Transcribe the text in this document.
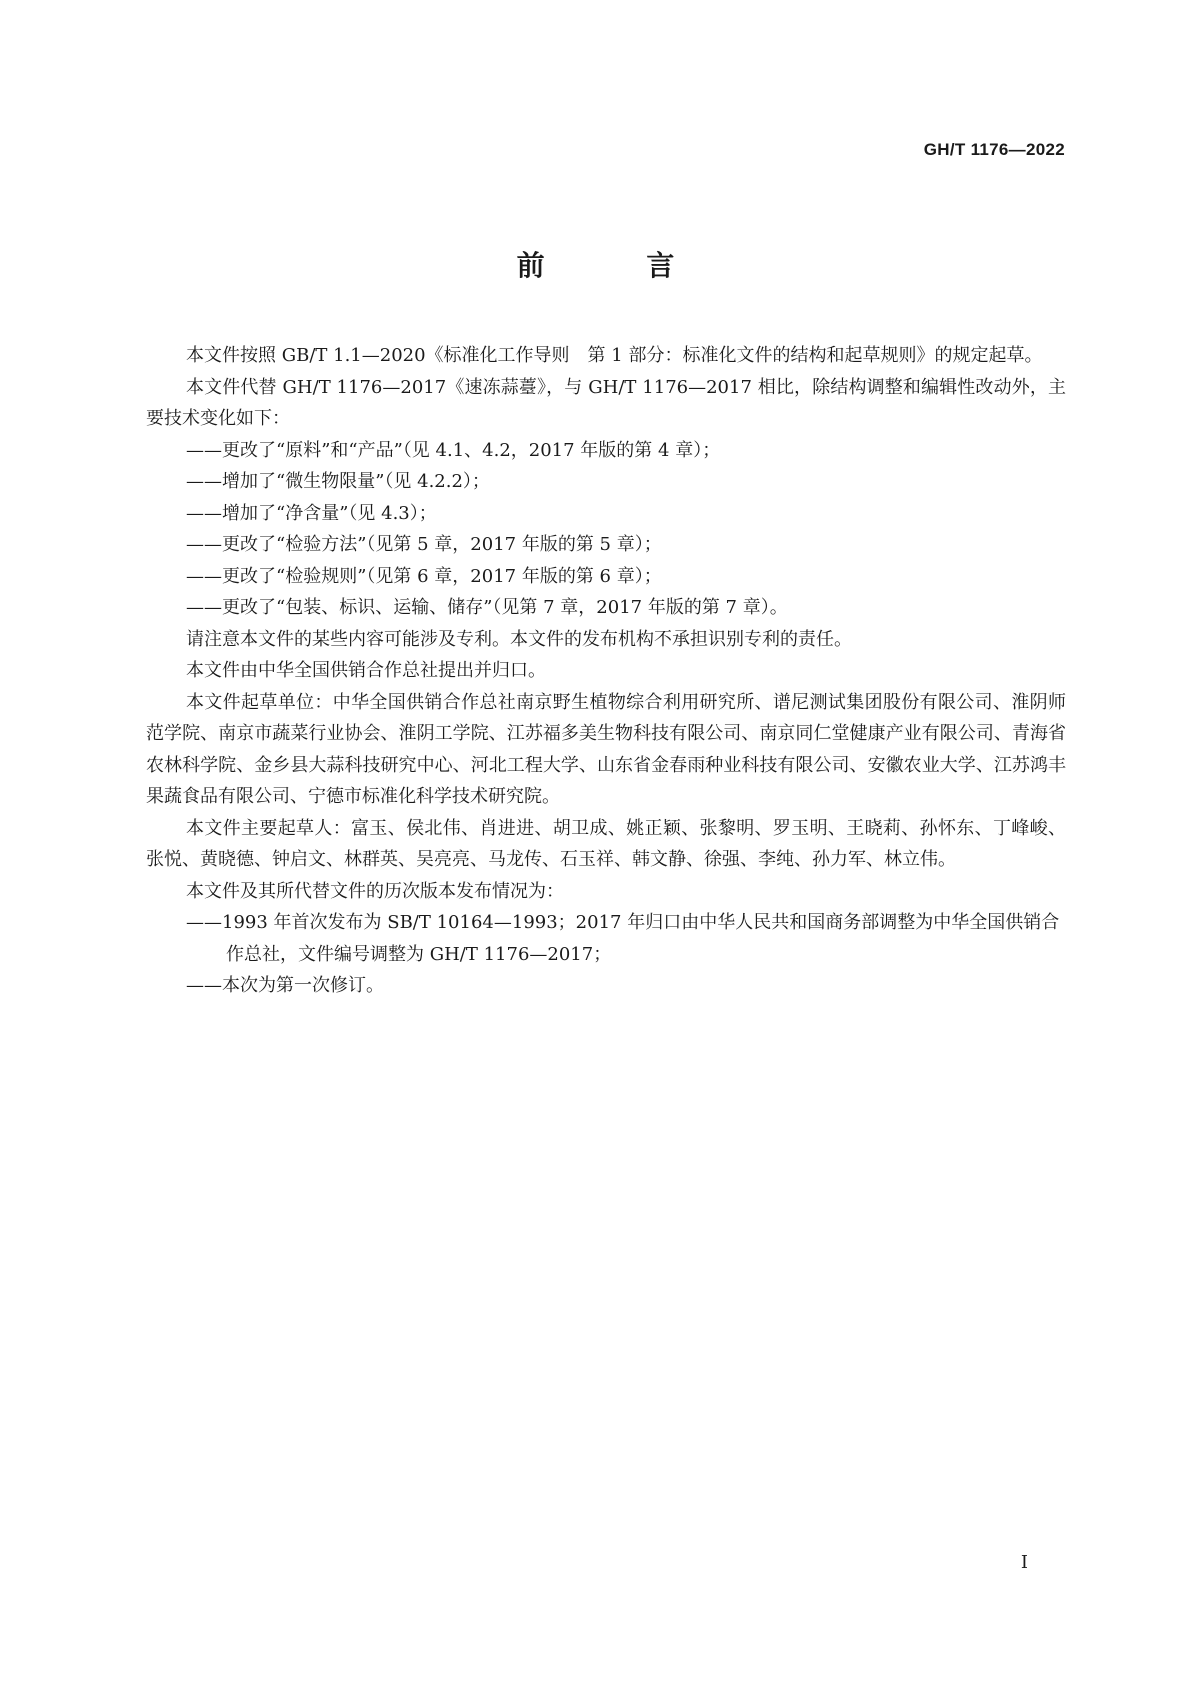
GH/T 1176—2022
前 言

本文件按照 GB/T 1.1—2020《标准化工作导则　第 1 部分：标准化文件的结构和起草规则》的规定起草。

本文件代替 GH/T 1176—2017《速冻蒜薹》，与 GH/T 1176—2017 相比，除结构调整和编辑性改动外，主要技术变化如下：

——更改了“原料”和“产品”（见 4.1、4.2，2017 年版的第 4 章）；

——增加了“微生物限量”（见 4.2.2）；

——增加了“净含量”（见 4.3）；

——更改了“检验方法”（见第 5 章，2017 年版的第 5 章）；

——更改了“检验规则”（见第 6 章，2017 年版的第 6 章）；

——更改了“包装、标识、运输、储存”（见第 7 章，2017 年版的第 7 章）。

请注意本文件的某些内容可能涉及专利。本文件的发布机构不承担识别专利的责任。

本文件由中华全国供销合作总社提出并归口。

本文件起草单位：中华全国供销合作总社南京野生植物综合利用研究所、谱尼测试集团股份有限公司、淮阴师范学院、南京市蔬菜行业协会、淮阴工学院、江苏福多美生物科技有限公司、南京同仁堂健康产业有限公司、青海省农林科学院、金乡县大蒜科技研究中心、河北工程大学、山东省金春雨种业科技有限公司、安徽农业大学、江苏鸿丰果蔬食品有限公司、宁德市标准化科学技术研究院。

本文件主要起草人：富玉、侯北伟、肖进进、胡卫成、姚正颖、张黎明、罗玉明、王晓莉、孙怀东、丁峰峻、张悦、黄晓德、钟启文、林群英、吴亮亮、马龙传、石玉祥、韩文静、徐强、李纯、孙力军、林立伟。

本文件及其所代替文件的历次版本发布情况为：

——1993 年首次发布为 SB/T 10164—1993；2017 年归口由中华人民共和国商务部调整为中华全国供销合作总社，文件编号调整为 GH/T 1176—2017；

——本次为第一次修订。

I
